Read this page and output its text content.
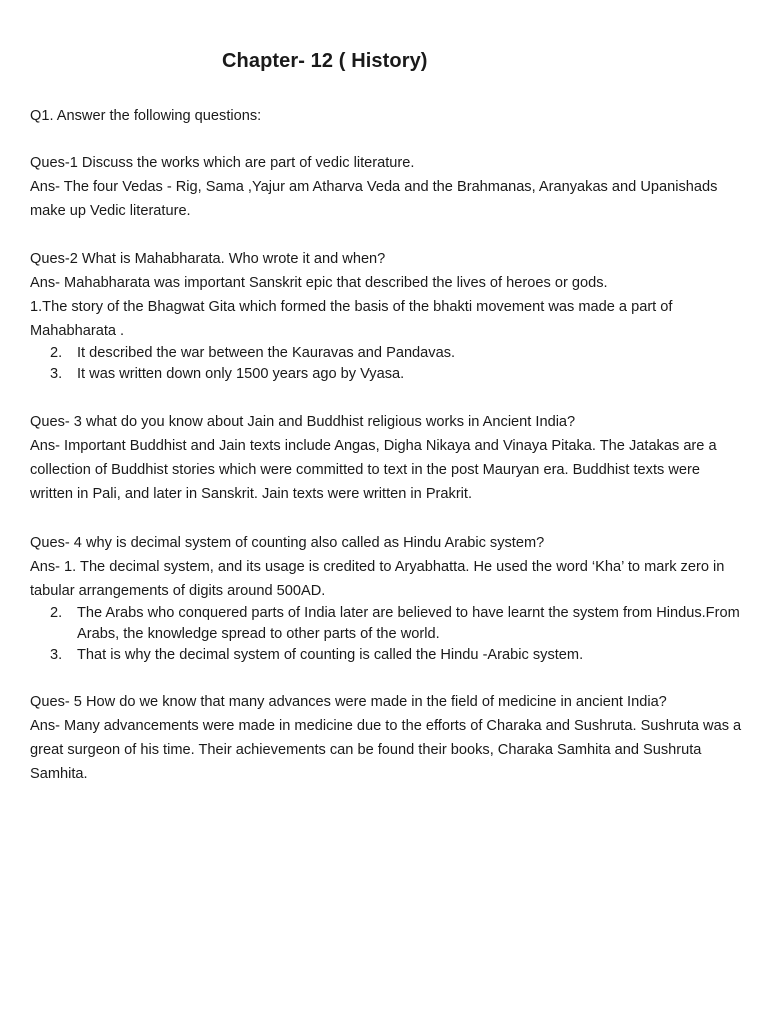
Chapter- 12 ( History)

Q1. Answer the following questions:

Ques-1 Discuss the works which are part of vedic literature.

Ans- The four Vedas - Rig, Sama ,Yajur am Atharva Veda and the Brahmanas, Aranyakas and Upanishads make up Vedic literature.

Ques-2 What is Mahabharata. Who wrote it and when?

Ans- Mahabharata was important Sanskrit epic that described the lives of heroes or gods.

1.The story of the Bhagwat Gita which formed the basis of the bhakti movement was made a part of Mahabharata .

2. It described the war between the Kauravas and Pandavas.
3. It was written down only 1500 years ago by Vyasa.

Ques- 3 what do you know about Jain and Buddhist religious works in Ancient India?

Ans- Important Buddhist and Jain texts include Angas, Digha Nikaya and Vinaya Pitaka. The Jatakas are a collection of Buddhist stories which were committed to text in the post Mauryan era. Buddhist texts were written in Pali, and later in Sanskrit. Jain texts were written in Prakrit.

Ques- 4 why is decimal system of counting also called as Hindu Arabic system?

Ans- 1. The decimal system, and its usage is credited to Aryabhatta. He used the word ‘Kha’ to mark zero in tabular arrangements of digits around 500AD.

2. The Arabs who conquered parts of India later are believed to have learnt the system from Hindus.From Arabs, the knowledge spread to other parts of the world.
3. That is why the decimal system of counting is called the Hindu -Arabic system.

Ques- 5 How do we know that many advances were made in the field of medicine in ancient India?

Ans- Many advancements were made in medicine due to the efforts of Charaka and Sushruta. Sushruta was a great surgeon of his time. Their achievements can be found their books, Charaka Samhita and Sushruta Samhita.
